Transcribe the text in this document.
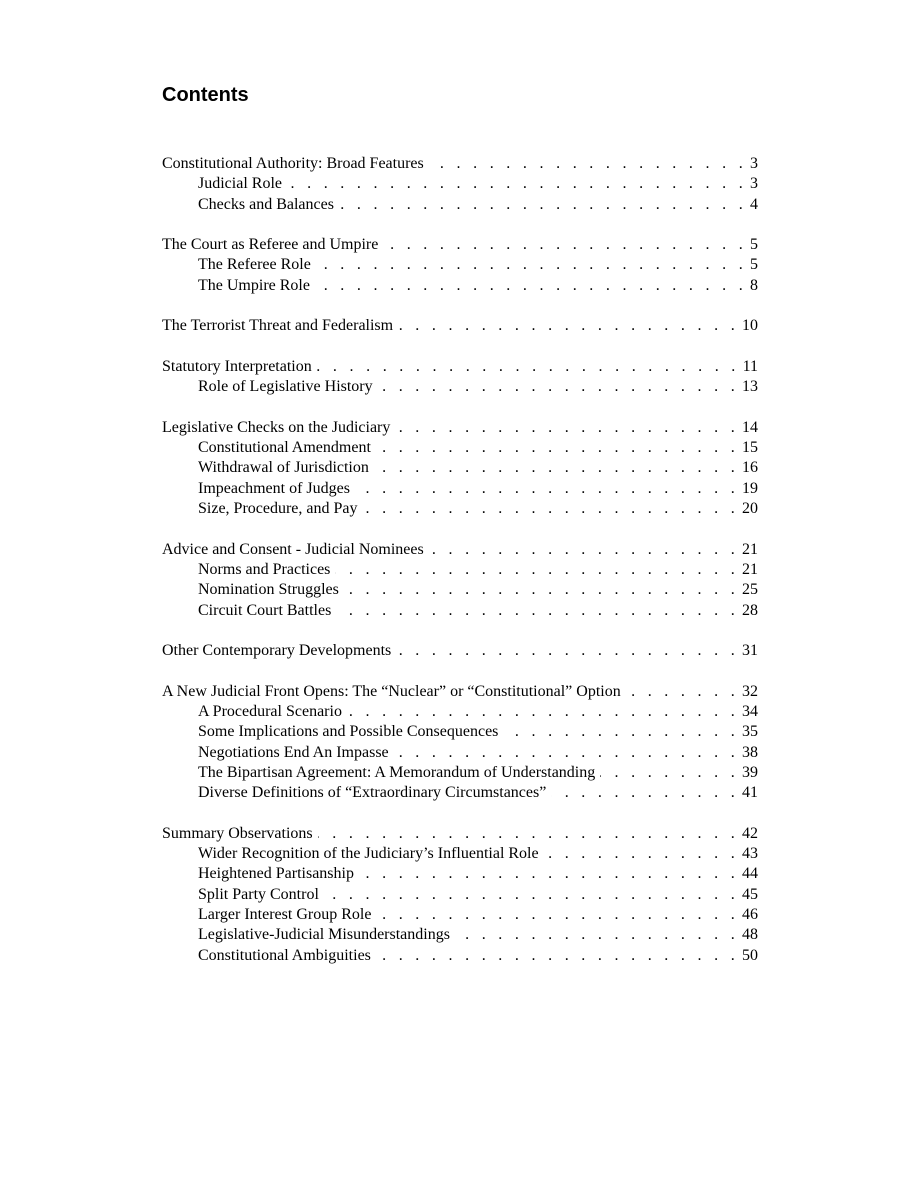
Contents
Constitutional Authority: Broad Features . . .	3
Judicial Role . . .	3
Checks and Balances . . .	4
The Court as Referee and Umpire . . .	5
The Referee Role . . .	5
The Umpire Role . . .	8
The Terrorist Threat and Federalism . . .	10
Statutory Interpretation . . .	11
Role of Legislative History . . .	13
Legislative Checks on the Judiciary . . .	14
Constitutional Amendment . . .	15
Withdrawal of Jurisdiction . . .	16
Impeachment of Judges . . .	19
Size, Procedure, and Pay . . .	20
Advice and Consent - Judicial Nominees . . .	21
Norms and Practices . . .	21
Nomination Struggles . . .	25
Circuit Court Battles . . .	28
Other Contemporary Developments . . .	31
A New Judicial Front Opens: The “Nuclear” or “Constitutional” Option . . .	32
A Procedural Scenario . . .	34
Some Implications and Possible Consequences . . .	35
Negotiations End An Impasse . . .	38
The Bipartisan Agreement: A Memorandum of Understanding . . .	39
Diverse Definitions of “Extraordinary Circumstances” . . .	41
Summary Observations . . .	42
Wider Recognition of the Judiciary’s Influential Role . . .	43
Heightened Partisanship . . .	44
Split Party Control . . .	45
Larger Interest Group Role . . .	46
Legislative-Judicial Misunderstandings . . .	48
Constitutional Ambiguities . . .	50
